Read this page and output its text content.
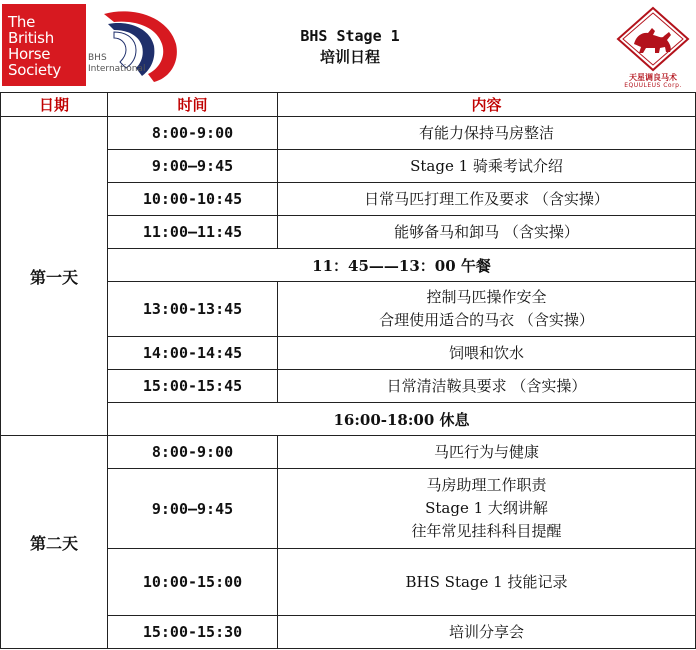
The
British
Horse
Society
BHS
International
BHS Stage 1
培训日程
天星调良马术
EQUULEUS Corp.
日期	时间	内容
第一天	8:00-9:00	有能力保持马房整洁
	9:00—9:45	Stage 1 骑乘考试介绍
	10:00-10:45	日常马匹打理工作及要求 （含实操）
	11:00—11:45	能够备马和卸马 （含实操）
	11：45——13：00 午餐	
	13:00-13:45	控制马匹操作安全
合理使用适合的马衣 （含实操）

	14:00-14:45	饲喂和饮水
	15:00-15:45	日常清洁鞍具要求 （含实操）
	16:00-18:00 休息	
第二天	8:00-9:00	马匹行为与健康
	9:00—9:45	马房助理工作职责
Stage 1 大纲讲解
往年常见挂科科目提醒

	10:00-15:00	BHS Stage 1 技能记录
	15:00-15:30	培训分享会
